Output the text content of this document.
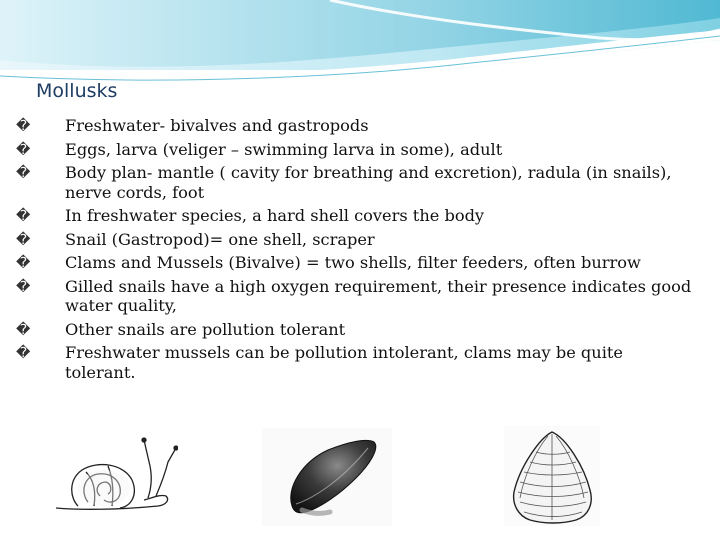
Mollusks
� Freshwater- bivalves and gastropods
� Eggs, larva (veliger – swimming larva in some), adult
� Body plan- mantle ( cavity for breathing and excretion), radula (in snails), nerve cords, foot
� In freshwater species, a hard shell covers the body
� Snail (Gastropod)= one shell, scraper
� Clams and Mussels (Bivalve) = two shells, filter feeders, often burrow
� Gilled snails have a high oxygen requirement, their presence indicates good water quality,
� Other snails are pollution tolerant
� Freshwater mussels can be pollution intolerant, clams may be quite tolerant.
